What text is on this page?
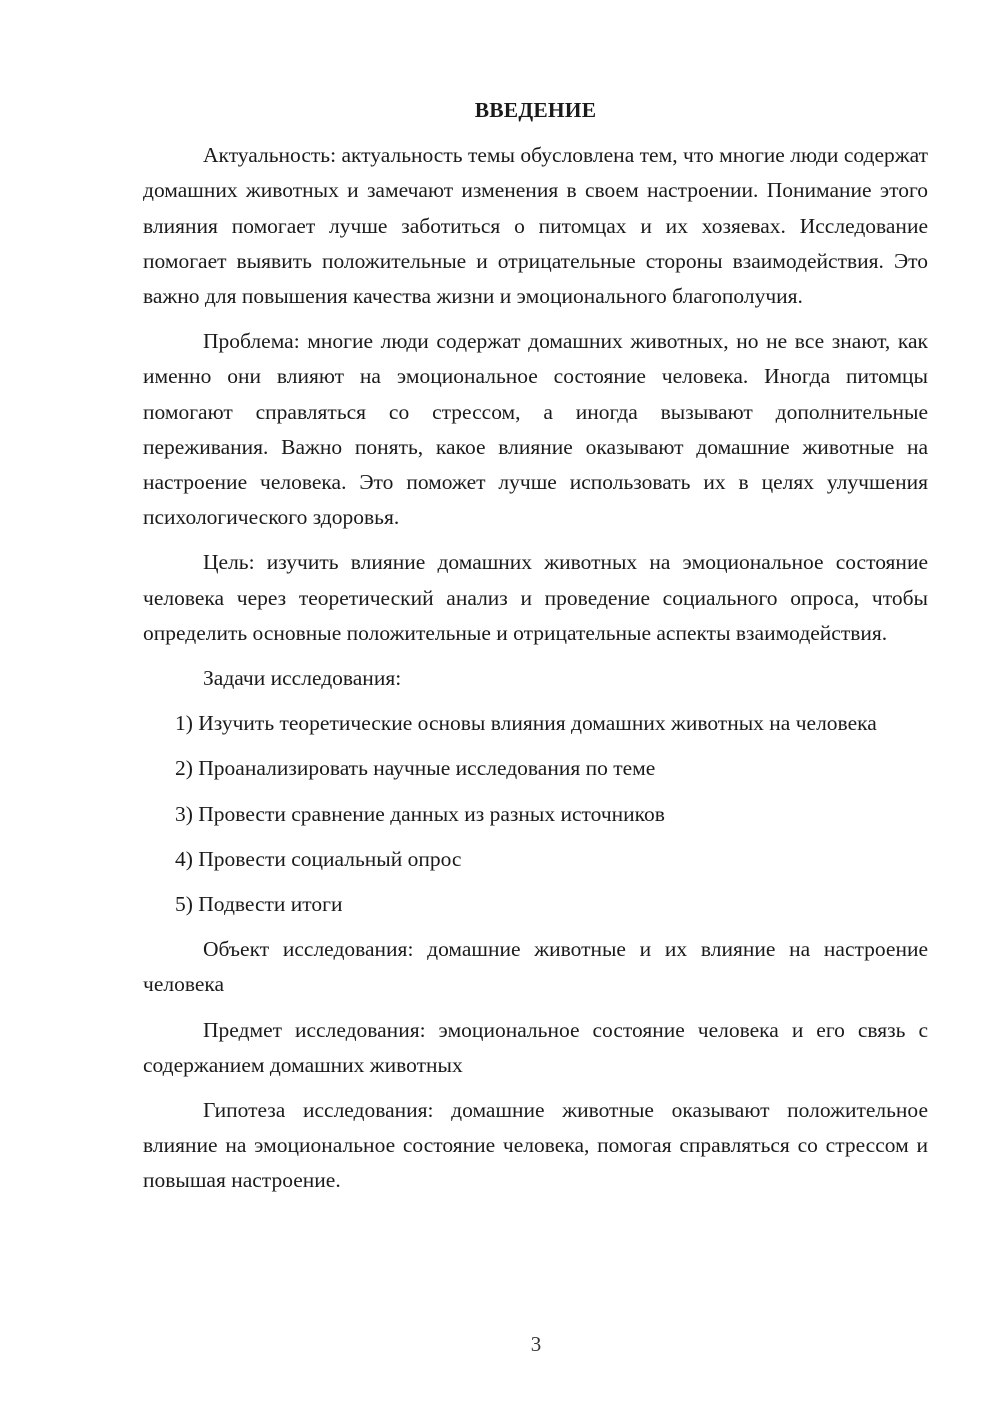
ВВЕДЕНИЕ

Актуальность: актуальность темы обусловлена тем, что многие люди содержат домашних животных и замечают изменения в своем настроении. Понимание этого влияния помогает лучше заботиться о питомцах и их хозяевах. Исследование помогает выявить положительные и отрицательные стороны взаимодействия. Это важно для повышения качества жизни и эмоционального благополучия.

Проблема: многие люди содержат домашних животных, но не все знают, как именно они влияют на эмоциональное состояние человека. Иногда питомцы помогают справляться со стрессом, а иногда вызывают дополнительные переживания. Важно понять, какое влияние оказывают домашние животные на настроение человека. Это поможет лучше использовать их в целях улучшения психологического здоровья.

Цель: изучить влияние домашних животных на эмоциональное состояние человека через теоретический анализ и проведение социального опроса, чтобы определить основные положительные и отрицательные аспекты взаимодействия.

Задачи исследования:

1) Изучить теоретические основы влияния домашних животных на человека

2) Проанализировать научные исследования по теме

3) Провести сравнение данных из разных источников

4) Провести социальный опрос

5) Подвести итоги

Объект исследования: домашние животные и их влияние на настроение человека

Предмет исследования: эмоциональное состояние человека и его связь с содержанием домашних животных

Гипотеза исследования: домашние животные оказывают положительное влияние на эмоциональное состояние человека, помогая справляться со стрессом и повышая настроение.

3
